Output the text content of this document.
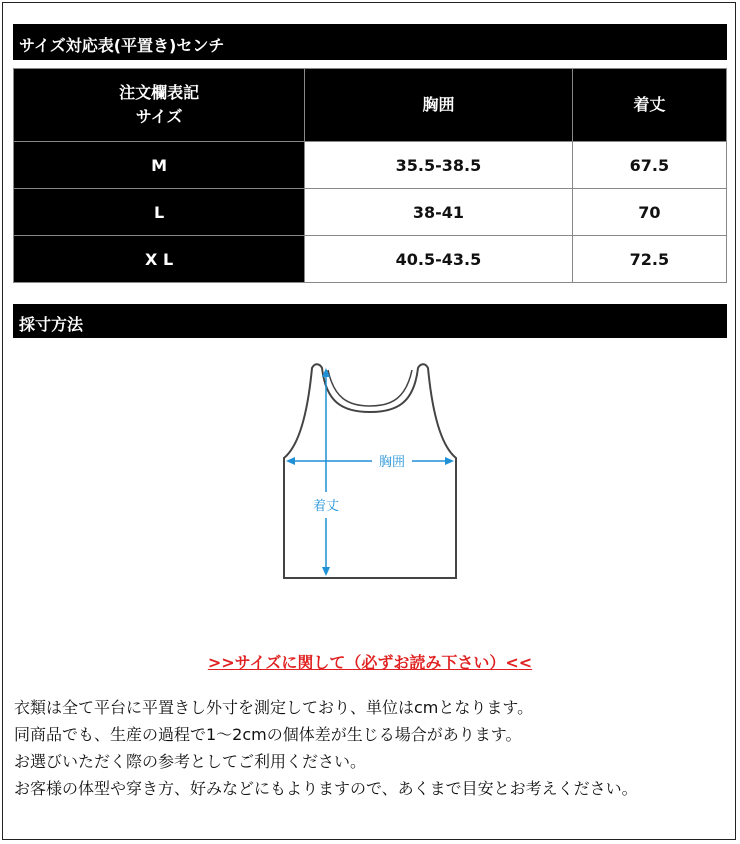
サイズ対応表(平置き)センチ
注文欄表記
サイズ	胸囲	着丈
M	35.5-38.5	67.5
L	38-41	70
X L	40.5-43.5	72.5
採寸方法
胸囲
着丈
>>サイズに関して（必ずお読み下さい）<<
衣類は全て平台に平置きし外寸を測定しており、単位はcmとなります。
同商品でも、生産の過程で1〜2cmの個体差が生じる場合があります。
お選びいただく際の参考としてご利用ください。
お客様の体型や穿き方、好みなどにもよりますので、あくまで目安とお考えください。
